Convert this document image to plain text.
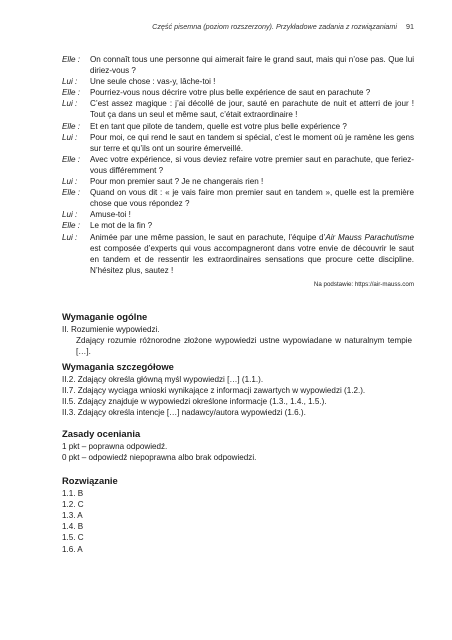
Część pisemna (poziom rozszerzony). Przykładowe zadania z rozwiązaniami 91
Elle :	On connaît tous une personne qui aimerait faire le grand saut, mais qui n’ose pas. Que lui diriez-vous ?
Lui :	Une seule chose : vas-y, lâche-toi !
Elle :	Pourriez-vous nous décrire votre plus belle expérience de saut en parachute ?
Lui :	C’est assez magique : j’ai décollé de jour, sauté en parachute de nuit et atterri de jour ! Tout ça dans un seul et même saut, c’était extraordinaire !
Elle :	Et en tant que pilote de tandem, quelle est votre plus belle expérience ?
Lui :	Pour moi, ce qui rend le saut en tandem si spécial, c’est le moment où je ramène les gens sur terre et qu’ils ont un sourire émerveillé.
Elle :	Avec votre expérience, si vous deviez refaire votre premier saut en parachute, que feriez-vous différemment ?
Lui :	Pour mon premier saut ? Je ne changerais rien !
Elle :	Quand on vous dit : « je vais faire mon premier saut en tandem », quelle est la première chose que vous répondez ?
Lui :	Amuse-toi !
Elle :	Le mot de la fin ?
Lui :	Animée par une même passion, le saut en parachute, l’équipe d’Air Mauss Parachutisme est composée d’experts qui vous accompagneront dans votre envie de découvrir le saut en tandem et de ressentir les extraordinaires sensations que procure cette discipline. N’hésitez plus, sautez !
Na podstawie: https://air-mauss.com
Wymaganie ogólne
II. Rozumienie wypowiedzi.
Zdający rozumie różnorodne złożone wypowiedzi ustne wypowiadane w naturalnym tempie […].
Wymagania szczegółowe
II.2. Zdający określa główną myśl wypowiedzi […] (1.1.).
II.7. Zdający wyciąga wnioski wynikające z informacji zawartych w wypowiedzi (1.2.).
II.5. Zdający znajduje w wypowiedzi określone informacje (1.3., 1.4., 1.5.).
II.3. Zdający określa intencje […] nadawcy/autora wypowiedzi (1.6.).
Zasady oceniania
1 pkt – poprawna odpowiedź.
0 pkt – odpowiedź niepoprawna albo brak odpowiedzi.
Rozwiązanie
1.1. B
1.2. C
1.3. A
1.4. B
1.5. C
1.6. A
